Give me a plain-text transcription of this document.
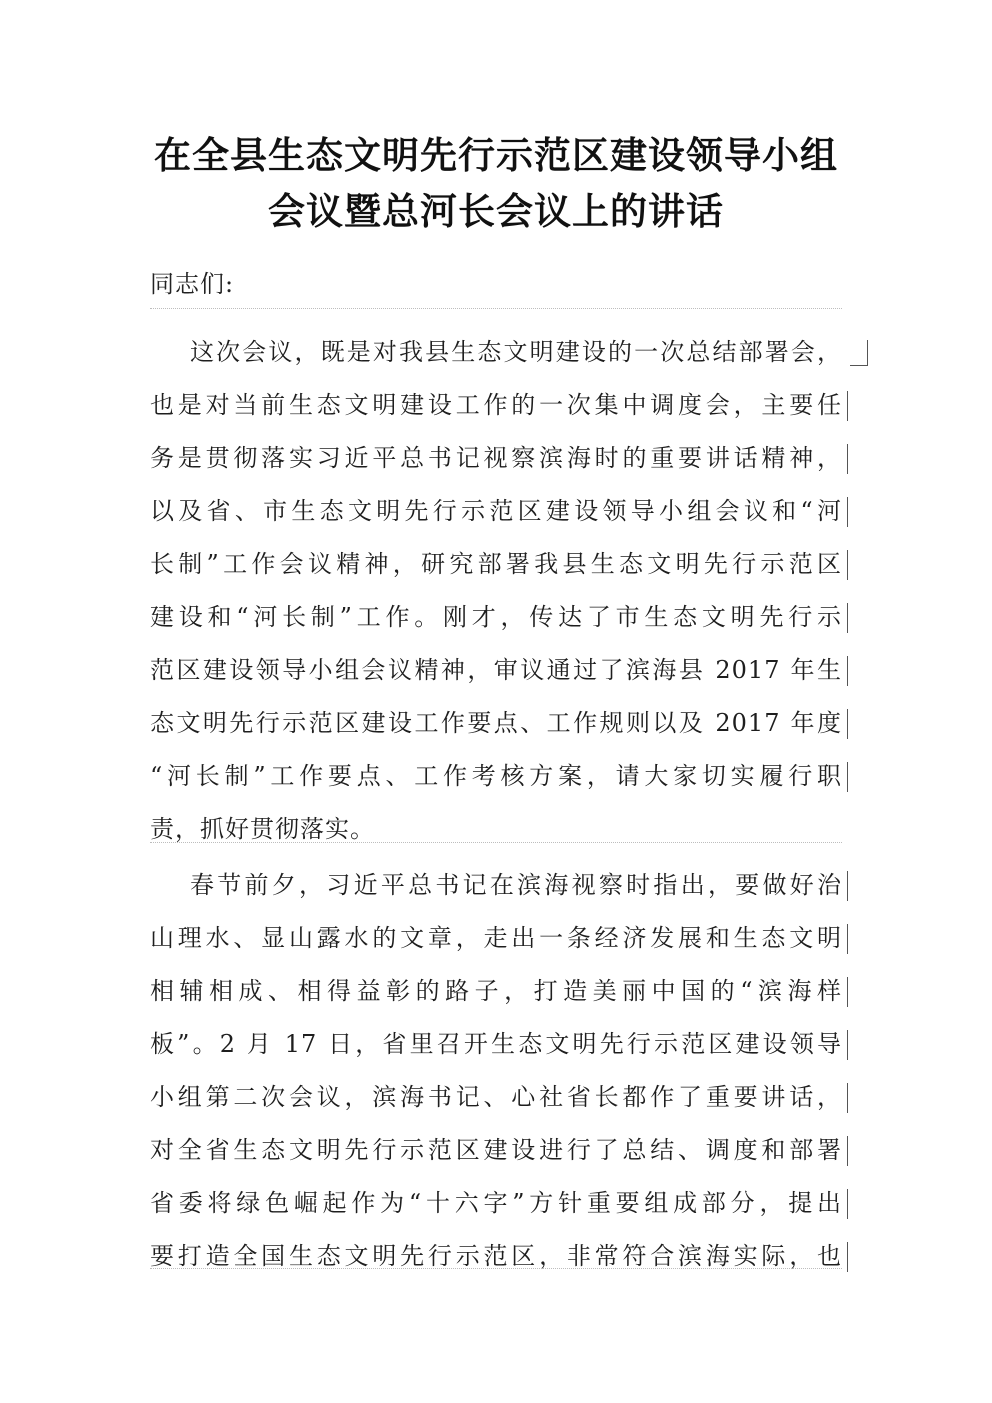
在全县生态文明先行示范区建设领导小组
会议暨总河长会议上的讲话
同志们:
这次会议，既是对我县生态文明建设的一次总结部署会，
也是对当前生态文明建设工作的一次集中调度会，主要任
务是贯彻落实习近平总书记视察滨海时的重要讲话精神，
以及省、市生态文明先行示范区建设领导小组会议和“河
长制”工作会议精神，研究部署我县生态文明先行示范区
建设和“河长制”工作。刚才，传达了市生态文明先行示
范区建设领导小组会议精神，审议通过了滨海县 2017 年生
态文明先行示范区建设工作要点、工作规则以及 2017 年度
“河长制”工作要点、工作考核方案，请大家切实履行职
责，抓好贯彻落实。
春节前夕，习近平总书记在滨海视察时指出，要做好治
山理水、显山露水的文章，走出一条经济发展和生态文明
相辅相成、相得益彰的路子，打造美丽中国的“滨海样
板”。2 月 17 日，省里召开生态文明先行示范区建设领导
小组第二次会议，滨海书记、心社省长都作了重要讲话，
对全省生态文明先行示范区建设进行了总结、调度和部署
省委将绿色崛起作为“十六字”方针重要组成部分，提出
要打造全国生态文明先行示范区，非常符合滨海实际，也
